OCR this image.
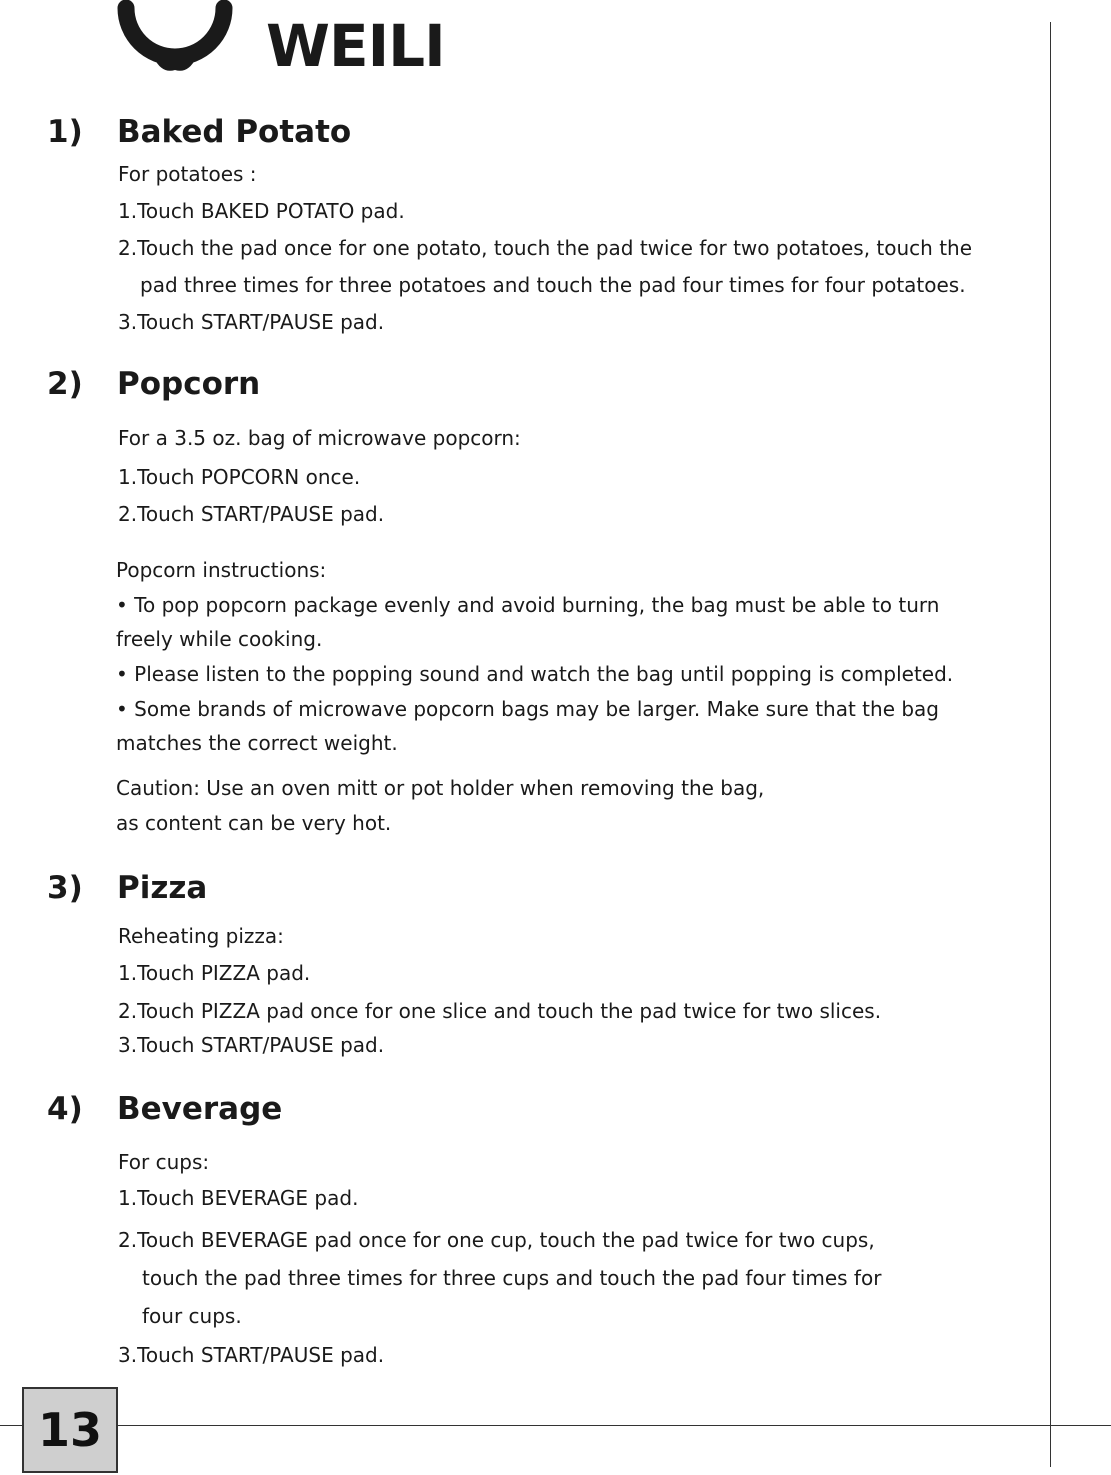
WEILI
1) Baked Potato
For potatoes :
1.Touch BAKED POTATO pad.
2.Touch the pad once for one potato, touch the pad twice for two potatoes, touch the
pad three times for three potatoes and touch the pad four times for four potatoes.
3.Touch START/PAUSE pad.
2) Popcorn
For a 3.5 oz. bag of microwave popcorn:
1.Touch POPCORN once.
2.Touch START/PAUSE pad.
Popcorn instructions:
• To pop popcorn package evenly and avoid burning, the bag must be able to turn
freely while cooking.
• Please listen to the popping sound and watch the bag until popping is completed.
• Some brands of microwave popcorn bags may be larger. Make sure that the bag
matches the correct weight.
Caution: Use an oven mitt or pot holder when removing the bag,
as content can be very hot.
3) Pizza
Reheating pizza:
1.Touch PIZZA pad.
2.Touch PIZZA pad once for one slice and touch the pad twice for two slices.
3.Touch START/PAUSE pad.
4) Beverage
For cups:
1.Touch BEVERAGE pad.
2.Touch BEVERAGE pad once for one cup, touch the pad twice for two cups,
touch the pad three times for three cups and touch the pad four times for
four cups.
3.Touch START/PAUSE pad.
13
